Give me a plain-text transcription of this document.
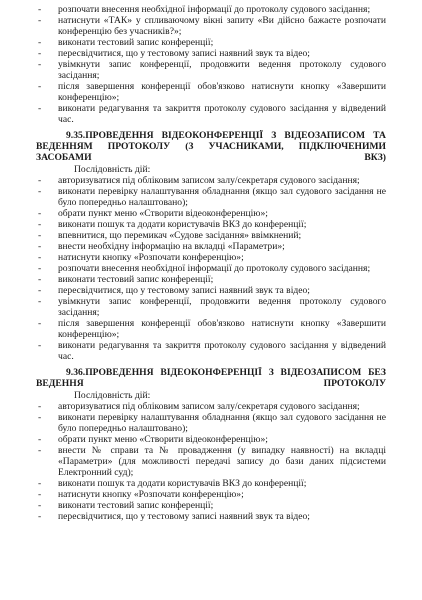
-	розпочати внесення необхідної інформації до протоколу судового засідання;
-	натиснути «ТАК» у спливаючому вікні запиту «Ви дійсно бажаєте розпочати конференцію без учасників?»;
-	виконати тестовий запис конференції;
-	пересвідчитися, що у тестовому записі наявний звук та відео;
-	увімкнути запис конференції, продовжити ведення протоколу судового засідання;
-	після завершення конференції обов'язково натиснути кнопку «Завершити конференцію»;
-	виконати редагування та закриття протоколу судового засідання у відведений час.
9.35.ПРОВЕДЕННЯ ВІДЕОКОНФЕРЕНЦІЇ З ВІДЕОЗАПИСОМ ТА ВЕДЕННЯМ ПРОТОКОЛУ (З УЧАСНИКАМИ, ПІДКЛЮЧЕНИМИ ЗАСОБАМИ ВКЗ)
Послідовність дій:
-	авторизуватися під обліковим записом залу/секретаря судового засідання;
-	виконати перевірку налаштування обладнання (якщо зал судового засідання не було попередньо налаштовано);
-	обрати пункт меню «Створити відеоконференцію»;
-	виконати пошук та додати користувачів ВКЗ до конференції;
-	впевнитися, що перемикач «Судове засідання» ввімкнений;
-	внести необхідну інформацію на вкладці «Параметри»;
-	натиснути кнопку «Розпочати конференцію»;
-	розпочати внесення необхідної інформації до протоколу судового засідання;
-	виконати тестовий запис конференції;
-	пересвідчитися, що у тестовому записі наявний звук та відео;
-	увімкнути запис конференції, продовжити ведення протоколу судового засідання;
-	після завершення конференції обов'язково натиснути кнопку «Завершити конференцію»;
-	виконати редагування та закриття протоколу судового засідання у відведений час.
9.36.ПРОВЕДЕННЯ ВІДЕОКОНФЕРЕНЦІЇ З ВІДЕОЗАПИСОМ БЕЗ ВЕДЕННЯ ПРОТОКОЛУ
Послідовність дій:
-	авторизуватися під обліковим записом залу/секретаря судового засідання;
-	виконати перевірку налаштування обладнання (якщо зал судового засідання не було попередньо налаштовано);
-	обрати пункт меню «Створити відеоконференцію»;
-	внести № справи та № провадження (у випадку наявності) на вкладці «Параметри» (для можливості передачі запису до бази даних підсистеми Електронний суд);
-	виконати пошук та додати користувачів ВКЗ до конференції;
-	натиснути кнопку «Розпочати конференцію»;
-	виконати тестовий запис конференції;
-	пересвідчитися, що у тестовому записі наявний звук та відео;
